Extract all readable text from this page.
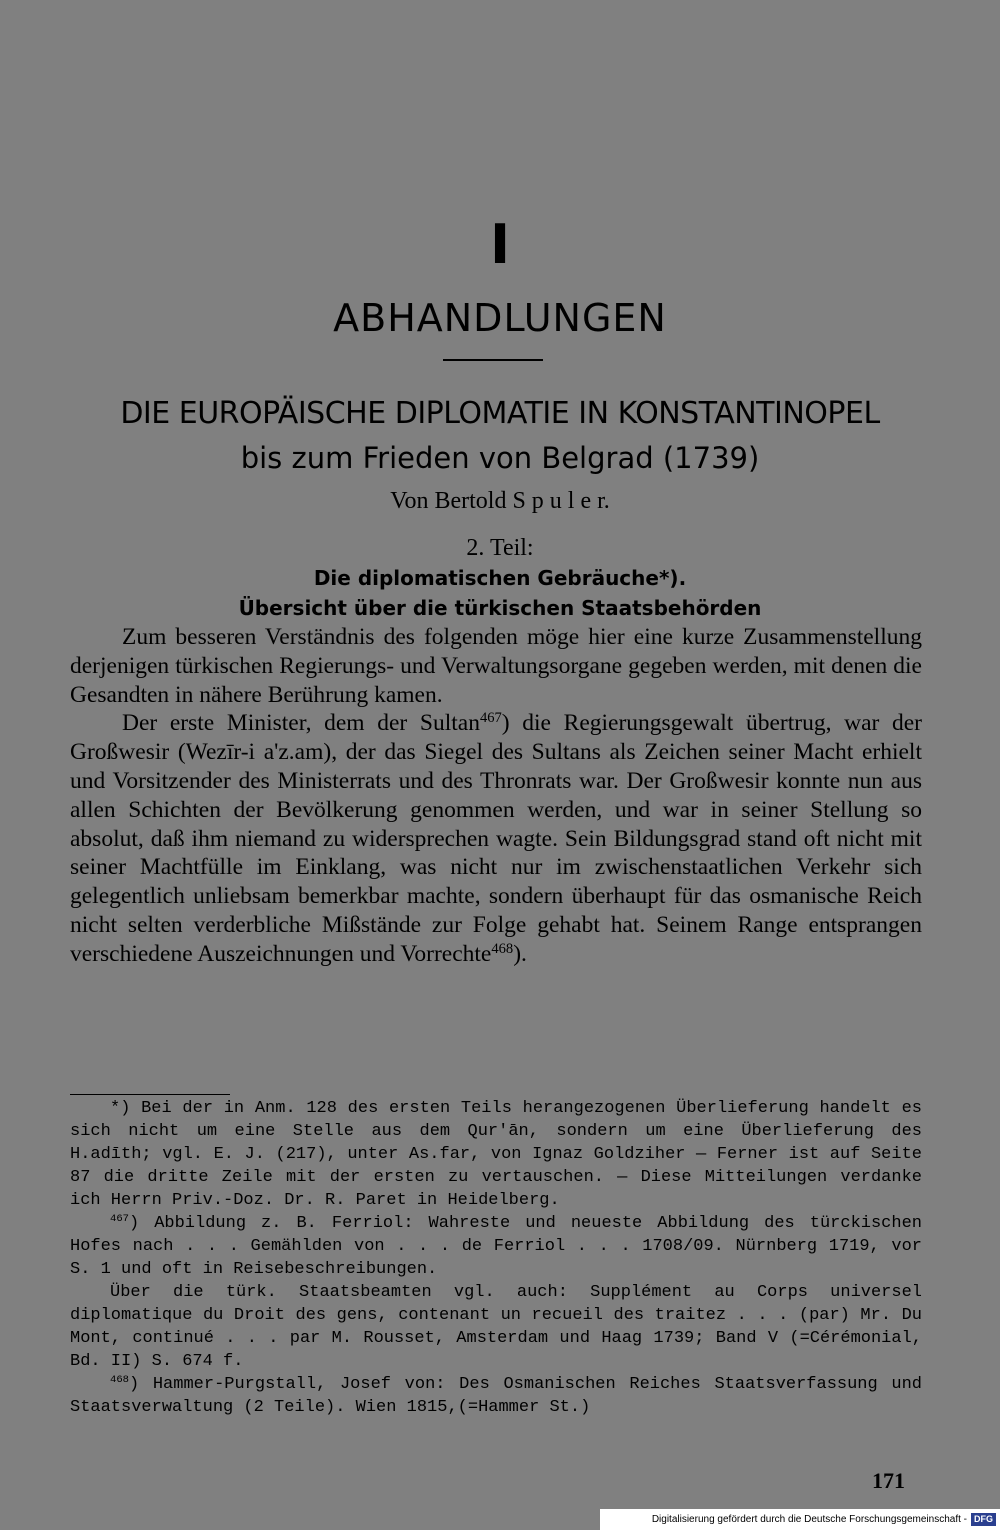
I
ABHANDLUNGEN
DIE EUROPÄISCHE DIPLOMATIE IN KONSTANTINOPEL
bis zum Frieden von Belgrad (1739)
Von Bertold S p u l e r.
2. Teil:
Die diplomatischen Gebräuche*).
Übersicht über die türkischen Staatsbehörden

Zum besseren Verständnis des folgenden möge hier eine kurze Zusammenstellung derjenigen türkischen Regierungs- und Verwaltungsorgane gegeben werden, mit denen die Gesandten in nähere Berührung kamen.

Der erste Minister, dem der Sultan$^{467}$) die Regierungsgewalt übertrug, war der Großwesir (Wezīr-i a'z.am), der das Siegel des Sultans als Zeichen seiner Macht erhielt und Vorsitzender des Ministerrats und des Thronrats war. Der Großwesir konnte nun aus allen Schichten der Bevölkerung genommen werden, und war in seiner Stellung so absolut, daß ihm niemand zu widersprechen wagte. Sein Bildungsgrad stand oft nicht mit seiner Machtfülle im Einklang, was nicht nur im zwischenstaatlichen Verkehr sich gelegentlich unliebsam bemerkbar machte, sondern überhaupt für das osmanische Reich nicht selten verderbliche Mißstände zur Folge gehabt hat. Seinem Range entsprangen verschiedene Auszeichnungen und Vorrechte$^{468}$).

*) Bei der in Anm. 128 des ersten Teils herangezogenen Überlieferung handelt es sich nicht um eine Stelle aus dem Qur'ān, sondern um eine Überlieferung des H.adīth; vgl. E. J. (217), unter As.far, von Ignaz Goldziher — Ferner ist auf Seite 87 die dritte Zeile mit der ersten zu vertauschen. — Diese Mitteilungen verdanke ich Herrn Priv.-Doz. Dr. R. Paret in Heidelberg.

$^{467}$) Abbildung z. B. Ferriol: Wahreste und neueste Abbildung des türckischen Hofes nach . . . Gemählden von . . . de Ferriol . . . 1708/09. Nürnberg 1719, vor S. 1 und oft in Reisebeschreibungen.

Über die türk. Staatsbeamten vgl. auch: Supplément au Corps universel diplomatique du Droit des gens, contenant un recueil des traitez . . . (par) Mr. Du Mont, continué . . . par M. Rousset, Amsterdam und Haag 1739; Band V (=Cérémonial, Bd. II) S. 674 f.

$^{468}$) Hammer-Purgstall, Josef von: Des Osmanischen Reiches Staatsverfassung und Staatsverwaltung (2 Teile). Wien 1815,(=Hammer St.)

171
Digitalisierung gefördert durch die Deutsche Forschungsgemeinschaft - DFG
